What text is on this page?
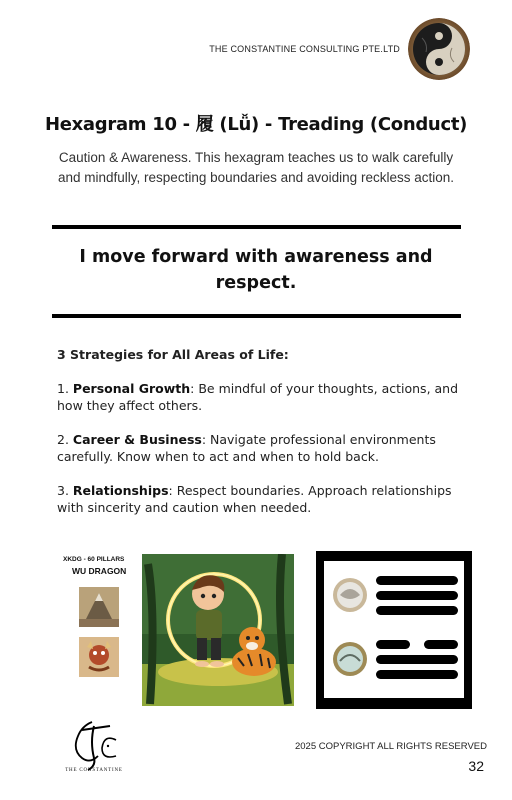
THE CONSTANTINE CONSULTING PTE.LTD
Hexagram 10 - 履 (Lǚ) - Treading (Conduct)
Caution & Awareness. This hexagram teaches us to walk carefully and mindfully, respecting boundaries and avoiding reckless action.
I move forward with awareness and respect.
3 Strategies for All Areas of Life:
1. Personal Growth: Be mindful of your thoughts, actions, and how they affect others.
2. Career & Business: Navigate professional environments carefully. Know when to act and when to hold back.
3. Relationships: Respect boundaries. Approach relationships with sincerity and caution when needed.
XKDG - 60 PILLARS
WU DRAGON
THE CONSTANTINE
2025 COPYRIGHT ALL RIGHTS RESERVED
32
